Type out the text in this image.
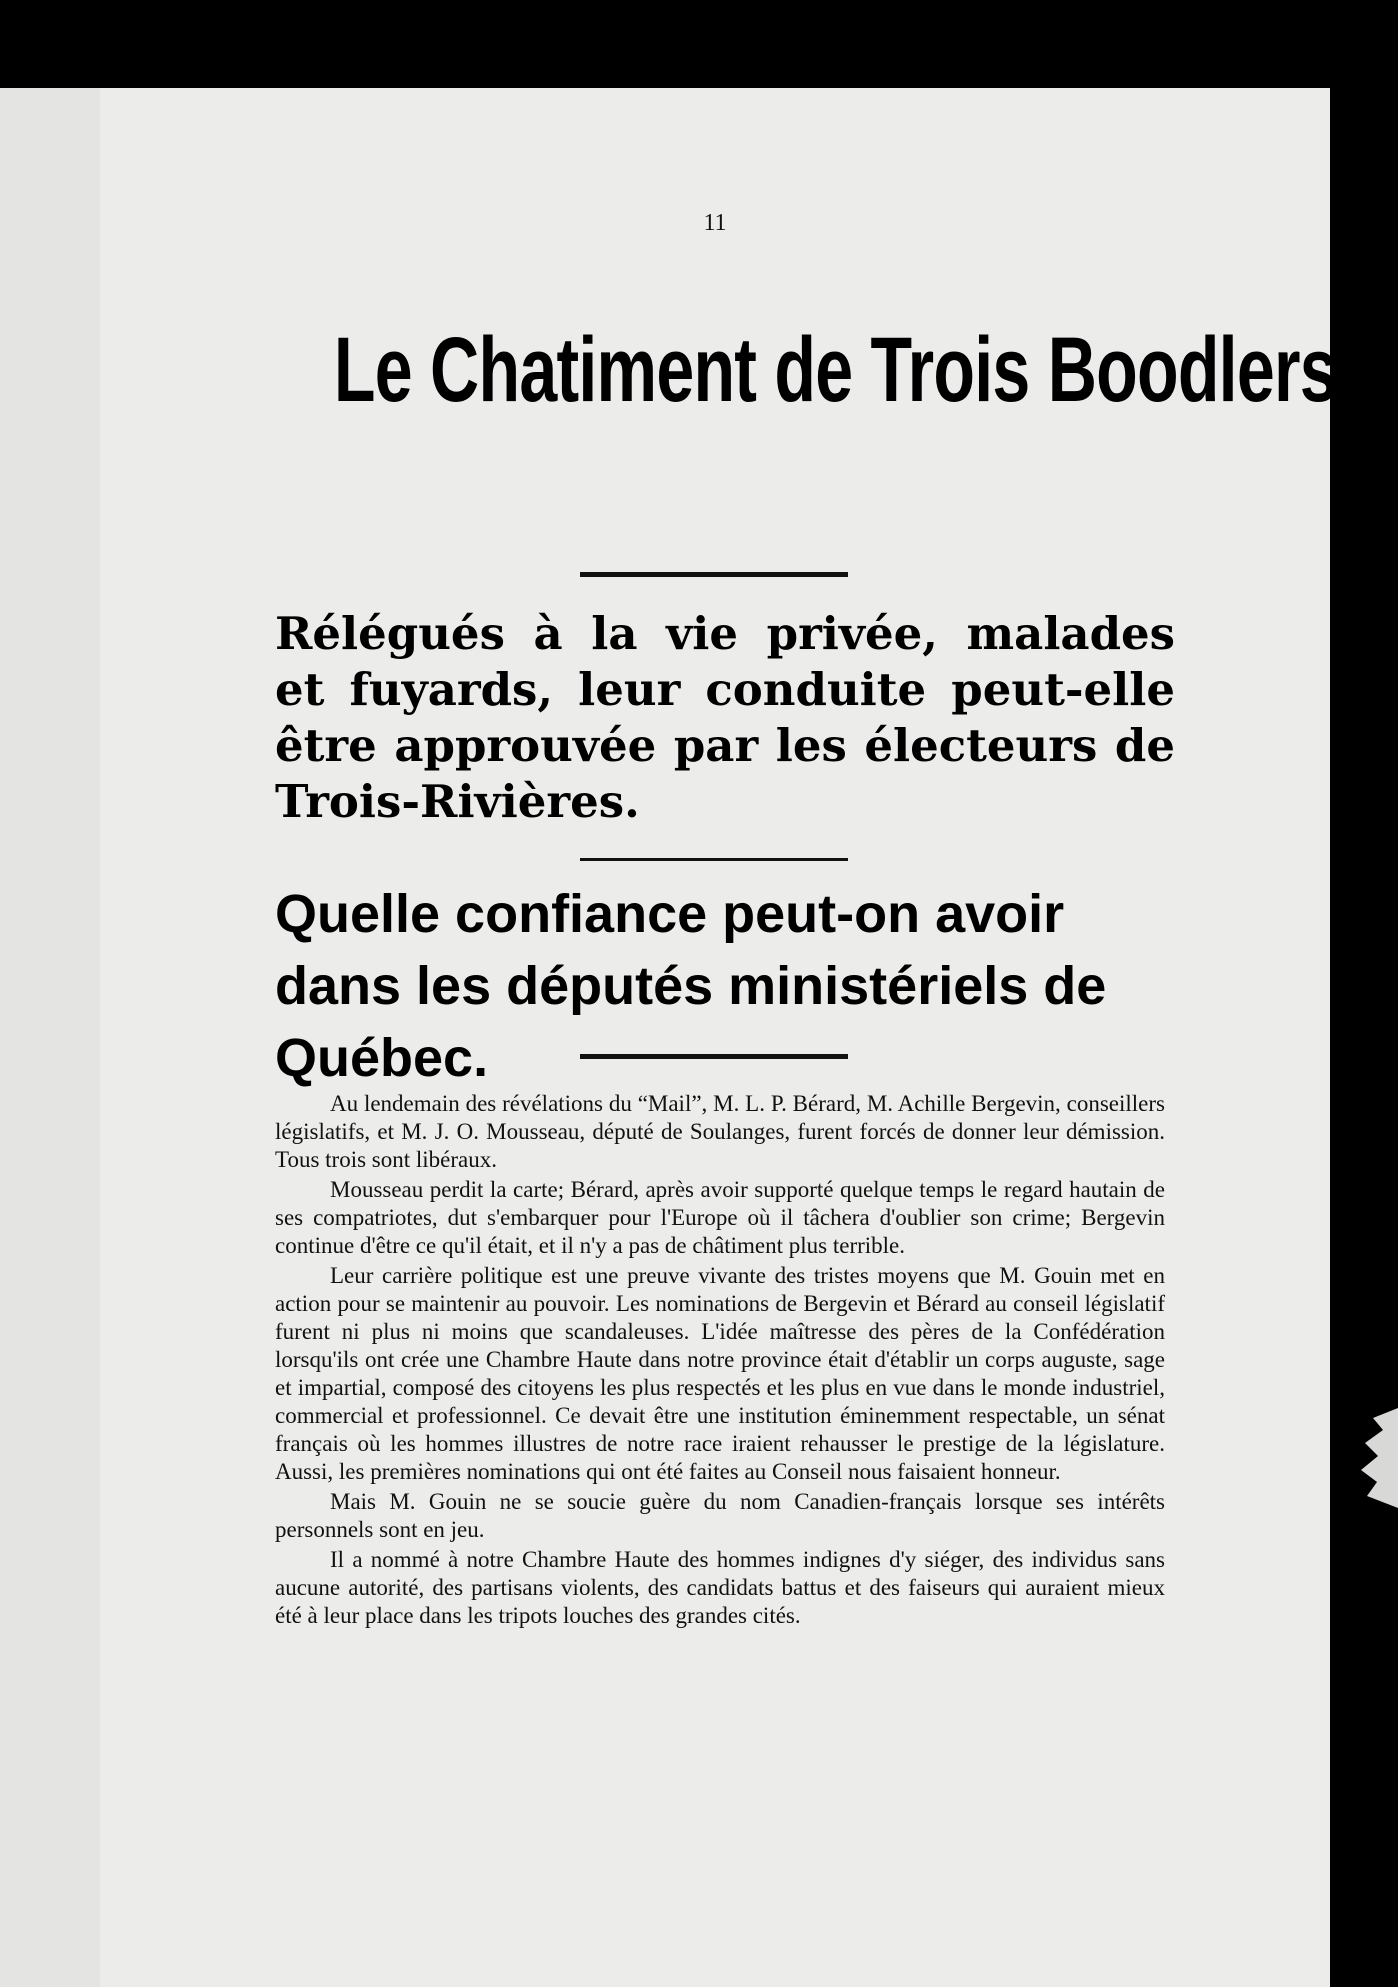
11
Le Chatiment de Trois Boodlers

Rélégués à la vie privée, malades et fuyards, leur conduite peut-elle être approuvée par les électeurs de Trois-Rivières.

Quelle confiance peut-on avoir dans les députés ministériels de Québec.

Au lendemain des révélations du “Mail”, M. L. P. Bérard, M. Achille Bergevin, conseillers législatifs, et M. J. O. Mousseau, député de Soulanges, furent forcés de donner leur démission. Tous trois sont libéraux.

Mousseau perdit la carte; Bérard, après avoir supporté quelque temps le regard hautain de ses compatriotes, dut s'embarquer pour l'Europe où il tâchera d'oublier son crime; Bergevin continue d'être ce qu'il était, et il n'y a pas de châtiment plus terrible.

Leur carrière politique est une preuve vivante des tristes moyens que M. Gouin met en action pour se maintenir au pouvoir. Les nominations de Bergevin et Bérard au conseil législatif furent ni plus ni moins que scandaleuses. L'idée maîtresse des pères de la Confédération lorsqu'ils ont crée une Chambre Haute dans notre province était d'établir un corps auguste, sage et impartial, composé des citoyens les plus respectés et les plus en vue dans le monde industriel, commercial et professionnel. Ce devait être une institution éminemment respectable, un sénat français où les hommes illustres de notre race iraient rehausser le prestige de la législature. Aussi, les premières nominations qui ont été faites au Conseil nous faisaient honneur.

Mais M. Gouin ne se soucie guère du nom Canadien-français lorsque ses intérêts personnels sont en jeu.

Il a nommé à notre Chambre Haute des hommes indignes d'y siéger, des individus sans aucune autorité, des partisans violents, des candidats battus et des faiseurs qui auraient mieux été à leur place dans les tripots louches des grandes cités.
